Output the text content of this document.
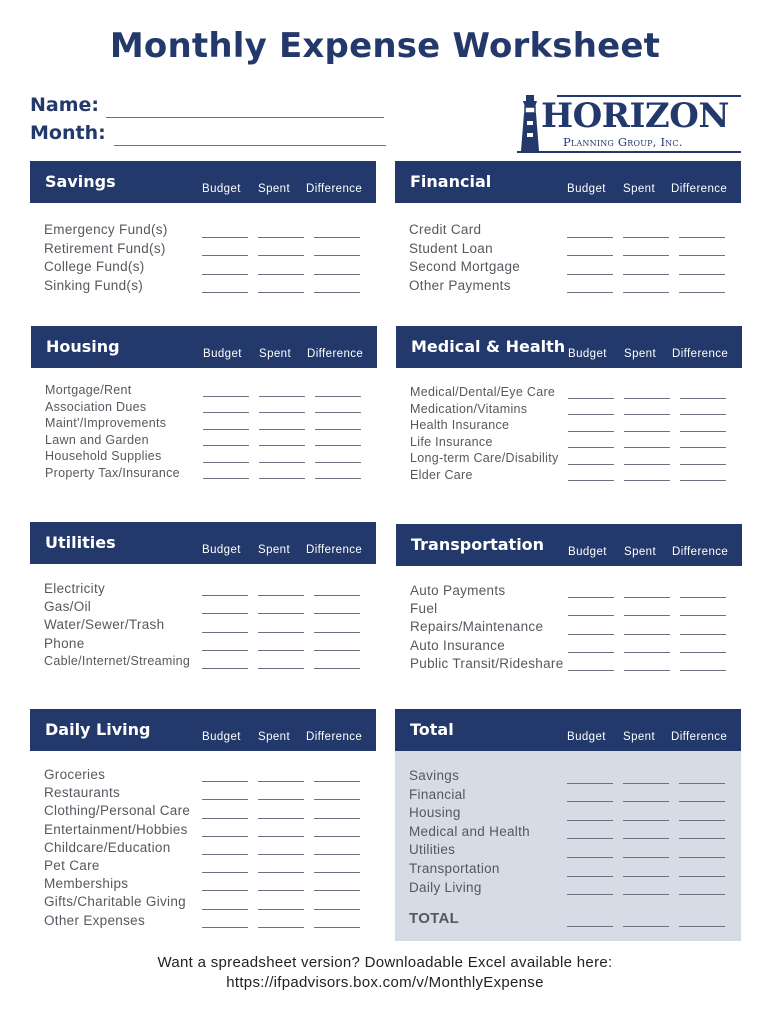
Monthly Expense Worksheet
Name:
Month:	HORIZON
Planning Group, Inc.
Savings	Budget Spent Difference
Emergency Fund(s)
Retirement Fund(s)
College Fund(s)
Sinking Fund(s)
Financial	Budget Spent Difference
Credit Card
Student Loan
Second Mortgage
Other Payments
Housing	Budget Spent Difference
Mortgage/Rent
Association Dues
Maint'/Improvements
Lawn and Garden
Household Supplies
Property Tax/Insurance
Medical & Health Budget Spent Difference
Medical/Dental/Eye Care
Medication/Vitamins
Health Insurance
Life Insurance
Long-term Care/Disability
Elder Care
Utilities	Budget Spent Difference
Electricity
Gas/Oil
Water/Sewer/Trash
Phone
Cable/Internet/Streaming
Transportation Budget Spent Difference
Auto Payments
Fuel
Repairs/Maintenance
Auto Insurance
Public Transit/Rideshare
Daily Living	Budget Spent Difference
Groceries
Restaurants
Clothing/Personal Care
Entertainment/Hobbies
Childcare/Education
Pet Care
Memberships
Gifts/Charitable Giving
Other Expenses
Total	Budget Spent Difference
Savings
Financial
Housing
Medical and Health
Utilities
Transportation
Daily Living
TOTAL
Want a spreadsheet version? Downloadable Excel available here:
https://ifpadvisors.box.com/v/MonthlyExpense
